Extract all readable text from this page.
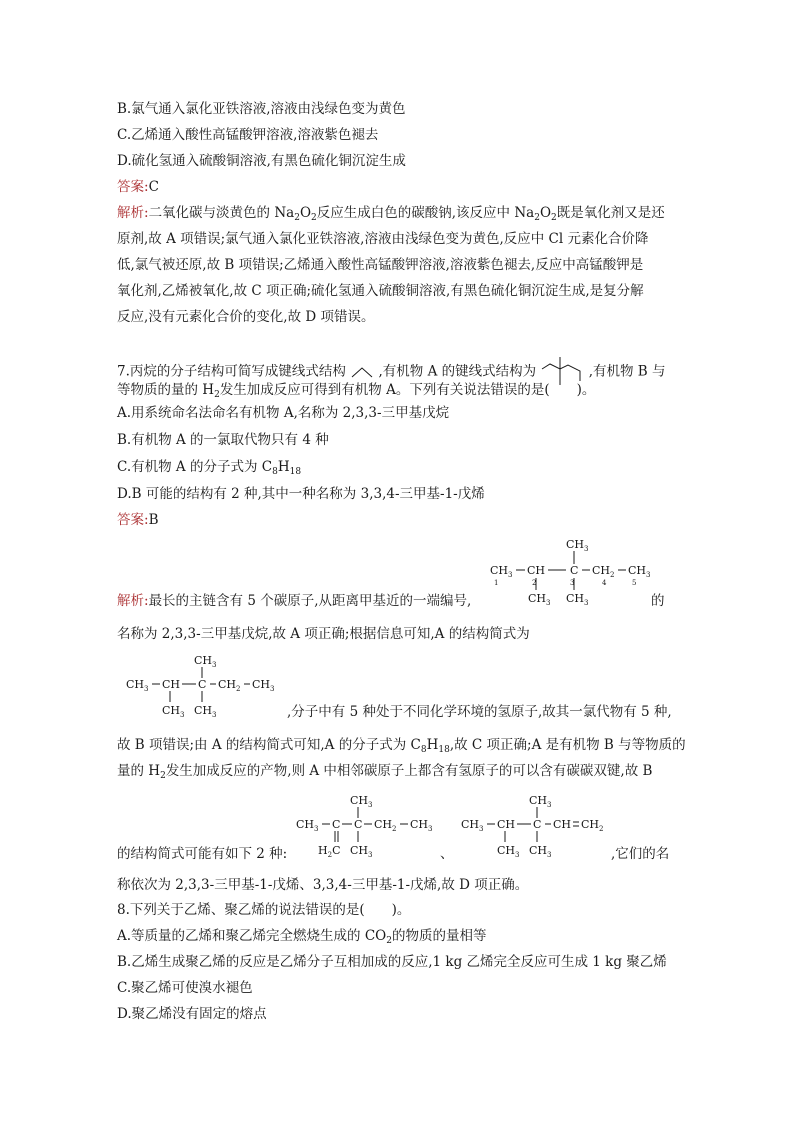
B.氯气通入氯化亚铁溶液,溶液由浅绿色变为黄色
C.乙烯通入酸性高锰酸钾溶液,溶液紫色褪去
D.硫化氢通入硫酸铜溶液,有黑色硫化铜沉淀生成
答案:C
解析:二氧化碳与淡黄色的 $Na_2O_2$反应生成白色的碳酸钠,该反应中 $Na_2O_2$既是氧化剂又是还
原剂,故 A 项错误;氯气通入氯化亚铁溶液,溶液由浅绿色变为黄色,反应中 Cl 元素化合价降
低,氯气被还原,故 B 项错误;乙烯通入酸性高锰酸钾溶液,溶液紫色褪去,反应中高锰酸钾是
氧化剂,乙烯被氧化,故 C 项正确;硫化氢通入硫酸铜溶液,有黑色硫化铜沉淀生成,是复分解
反应,没有元素化合价的变化,故 D 项错误。
7.丙烷的分子结构可简写成键线式结构 ,有机物 A 的键线式结构为	,有机物 B 与
等物质的量的 $H_2$发生加成反应可得到有机物 A。下列有关说法错误的是(　　)。
A.用系统命名法命名有机物 A,名称为 2,3,3-三甲基戊烷
B.有机物 A 的一氯取代物只有 4 种
C.有机物 A 的分子式为 $C_8H_{18}$
D.B 可能的结构有 2 种,其中一种名称为 3,3,4-三甲基-1-戊烯
答案:B
$CH_3$
$CH_3$ CH C $CH_2$ $CH_3$
1	2	3	4	5
$CH_3$ $CH_3$
解析:最长的主链含有 5 个碳原子,从距离甲基近的一端编号,	的
名称为 2,3,3-三甲基戊烷,故 A 项正确;根据信息可知,A 的结构简式为
$CH_3$
$CH_3$ CH C $CH_2$ $CH_3$
$CH_3$ $CH_3$	,分子中有 5 种处于不同化学环境的氢原子,故其一氯代物有 5 种,
故 B 项错误;由 A 的结构简式可知,A 的分子式为 $C_8H_{18}$,故 C 项正确;A 是有机物 B 与等物质的
量的 $H_2$发生加成反应的产物,则 A 中相邻碳原子上都含有氢原子的可以含有碳碳双键,故 B
$CH_3$
$CH_3$ C C $CH_2$ $CH_3$
$H_2C$ $CH_3$
$CH_3$
$CH_3$ CH C CH $CH_2$
$CH_3$ $CH_3$
的结构简式可能有如下 2 种:	、	,它们的名
称依次为 2,3,3-三甲基-1-戊烯、3,3,4-三甲基-1-戊烯,故 D 项正确。
8.下列关于乙烯、聚乙烯的说法错误的是(　　)。
A.等质量的乙烯和聚乙烯完全燃烧生成的 $CO_2$的物质的量相等
B.乙烯生成聚乙烯的反应是乙烯分子互相加成的反应,1 kg 乙烯完全反应可生成 1 kg 聚乙烯
C.聚乙烯可使溴水褪色
D.聚乙烯没有固定的熔点
